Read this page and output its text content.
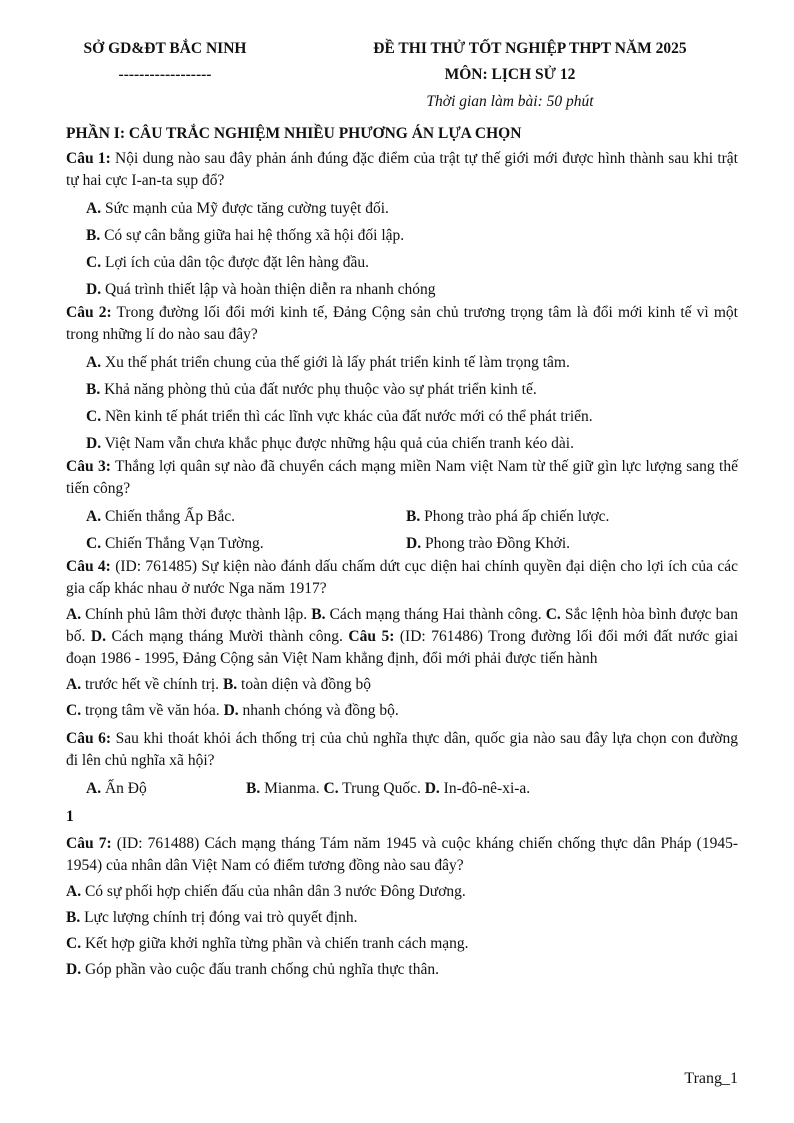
SỞ GD&ĐT BẮC NINH
------------------
ĐỀ THI THỬ TỐT NGHIỆP THPT NĂM 2025
MÔN: LỊCH SỬ 12
Thời gian làm bài: 50 phút

PHẦN I: CÂU TRẮC NGHIỆM NHIỀU PHƯƠNG ÁN LỰA CHỌN

Câu 1: Nội dung nào sau đây phản ánh đúng đặc điểm của trật tự thế giới mới được hình thành sau khi trật tự hai cực I-an-ta sụp đổ?

A. Sức mạnh của Mỹ được tăng cường tuyệt đối.

B. Có sự cân bằng giữa hai hệ thống xã hội đối lập.

C. Lợi ích của dân tộc được đặt lên hàng đầu.

D. Quá trình thiết lập và hoàn thiện diễn ra nhanh chóng

Câu 2: Trong đường lối đổi mới kinh tế, Đảng Cộng sản chủ trương trọng tâm là đổi mới kinh tế vì một trong những lí do nào sau đây?

A. Xu thế phát triển chung của thế giới là lấy phát triển kinh tế làm trọng tâm.

B. Khả năng phòng thủ của đất nước phụ thuộc vào sự phát triển kinh tế.

C. Nền kinh tế phát triển thì các lĩnh vực khác của đất nước mới có thể phát triển.

D. Việt Nam vẫn chưa khắc phục được những hậu quả của chiến tranh kéo dài.

Câu 3: Thắng lợi quân sự nào đã chuyển cách mạng miền Nam việt Nam từ thế giữ gìn lực lượng sang thế tiến công?

A. Chiến thắng Ấp Bắc.	B. Phong trào phá ấp chiến lược.
C. Chiến Thắng Vạn Tường.	D. Phong trào Đồng Khởi.

Câu 4: (ID: 761485) Sự kiện nào đánh dấu chấm dứt cục diện hai chính quyền đại diện cho lợi ích của các gia cấp khác nhau ở nước Nga năm 1917?

A. Chính phủ lâm thời được thành lập. B. Cách mạng tháng Hai thành công. C. Sắc lệnh hòa bình được ban bố. D. Cách mạng tháng Mười thành công. Câu 5: (ID: 761486) Trong đường lối đổi mới đất nước giai đoạn 1986 - 1995, Đảng Cộng sản Việt Nam khẳng định, đổi mới phải được tiến hành

A. trước hết về chính trị. B. toàn diện và đồng bộ

C. trọng tâm về văn hóa. D. nhanh chóng và đồng bộ.

Câu 6: Sau khi thoát khỏi ách thống trị của chủ nghĩa thực dân, quốc gia nào sau đây lựa chọn con đường đi lên chủ nghĩa xã hội?

A. Ấn Độ	B. Mianma. C. Trung Quốc. D. In-đô-nê-xi-a.

1

Câu 7: (ID: 761488) Cách mạng tháng Tám năm 1945 và cuộc kháng chiến chống thực dân Pháp (1945-1954) của nhân dân Việt Nam có điểm tương đồng nào sau đây?

A. Có sự phối hợp chiến đấu của nhân dân 3 nước Đông Dương.

B. Lực lượng chính trị đóng vai trò quyết định.

C. Kết hợp giữa khởi nghĩa từng phần và chiến tranh cách mạng.

D. Góp phần vào cuộc đấu tranh chống chủ nghĩa thực thân.

Trang_1
